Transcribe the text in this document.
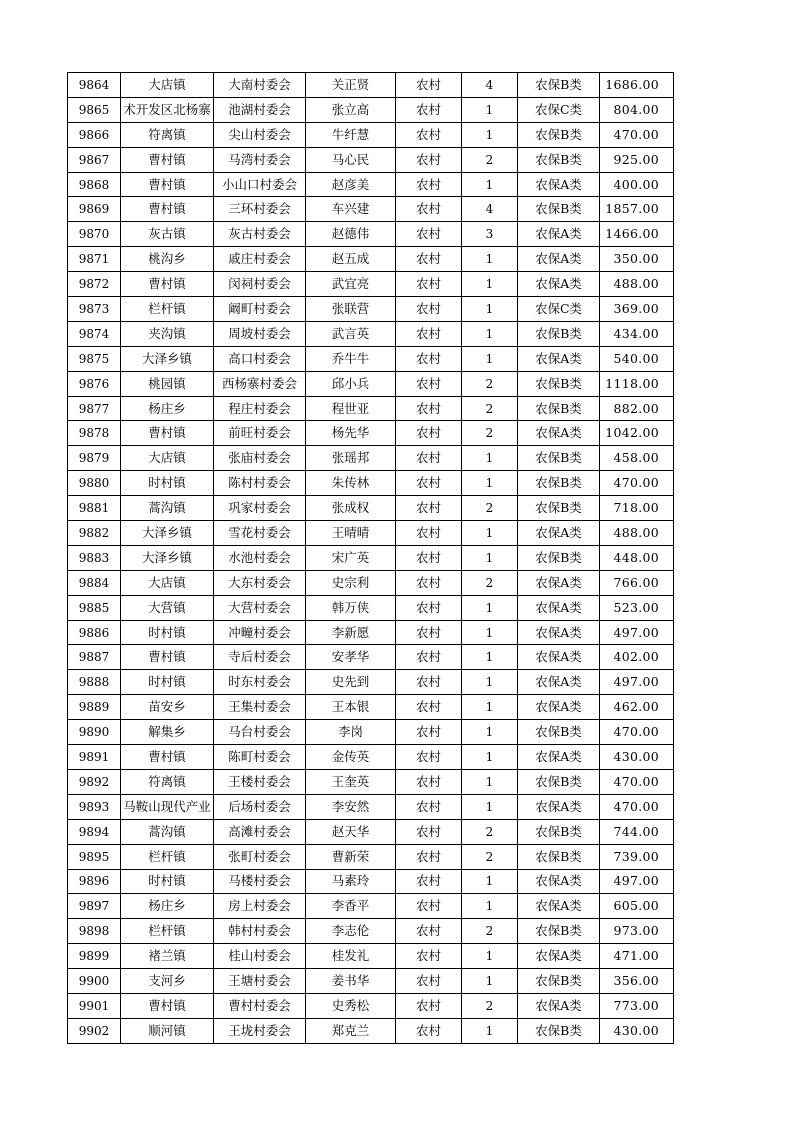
9864	大店镇	大南村委会	关正贤	农村	4	农保B类	1686.00
9865	术开发区北杨寨	池湖村委会	张立高	农村	1	农保C类	804.00
9866	符离镇	尖山村委会	牛纤慧	农村	1	农保B类	470.00
9867	曹村镇	马湾村委会	马心民	农村	2	农保B类	925.00
9868	曹村镇	小山口村委会	赵彦美	农村	1	农保A类	400.00
9869	曹村镇	三环村委会	车兴建	农村	4	农保B类	1857.00
9870	灰古镇	灰古村委会	赵德伟	农村	3	农保A类	1466.00
9871	桃沟乡	戚庄村委会	赵五成	农村	1	农保A类	350.00
9872	曹村镇	闵祠村委会	武宜亮	农村	1	农保A类	488.00
9873	栏杆镇	阚町村委会	张联营	农村	1	农保C类	369.00
9874	夹沟镇	周坡村委会	武言英	农村	1	农保B类	434.00
9875	大泽乡镇	高口村委会	乔牛牛	农村	1	农保A类	540.00
9876	桃园镇	西杨寨村委会	邱小兵	农村	2	农保B类	1118.00
9877	杨庄乡	程庄村委会	程世亚	农村	2	农保B类	882.00
9878	曹村镇	前旺村委会	杨先华	农村	2	农保A类	1042.00
9879	大店镇	张庙村委会	张瑶邦	农村	1	农保B类	458.00
9880	时村镇	陈村村委会	朱传林	农村	1	农保B类	470.00
9881	蒿沟镇	巩家村委会	张成权	农村	2	农保B类	718.00
9882	大泽乡镇	雪花村委会	王晴晴	农村	1	农保A类	488.00
9883	大泽乡镇	水池村委会	宋广英	农村	1	农保B类	448.00
9884	大店镇	大东村委会	史宗利	农村	2	农保A类	766.00
9885	大营镇	大营村委会	韩万侠	农村	1	农保A类	523.00
9886	时村镇	冲疃村委会	李新愿	农村	1	农保A类	497.00
9887	曹村镇	寺后村委会	安孝华	农村	1	农保A类	402.00
9888	时村镇	时东村委会	史先到	农村	1	农保A类	497.00
9889	苗安乡	王集村委会	王本银	农村	1	农保A类	462.00
9890	解集乡	马台村委会	李岗	农村	1	农保B类	470.00
9891	曹村镇	陈町村委会	金传英	农村	1	农保A类	430.00
9892	符离镇	王楼村委会	王奎英	农村	1	农保B类	470.00
9893	马鞍山现代产业	后场村委会	李安然	农村	1	农保A类	470.00
9894	蒿沟镇	高滩村委会	赵天华	农村	2	农保B类	744.00
9895	栏杆镇	张町村委会	曹新荣	农村	2	农保B类	739.00
9896	时村镇	马楼村委会	马素玲	农村	1	农保A类	497.00
9897	杨庄乡	房上村委会	李香平	农村	1	农保A类	605.00
9898	栏杆镇	韩村村委会	李志伦	农村	2	农保B类	973.00
9899	褚兰镇	桂山村委会	桂发礼	农村	1	农保A类	471.00
9900	支河乡	王塘村委会	姜书华	农村	1	农保B类	356.00
9901	曹村镇	曹村村委会	史秀松	农村	2	农保A类	773.00
9902	顺河镇	王垅村委会	郑克兰	农村	1	农保B类	430.00
